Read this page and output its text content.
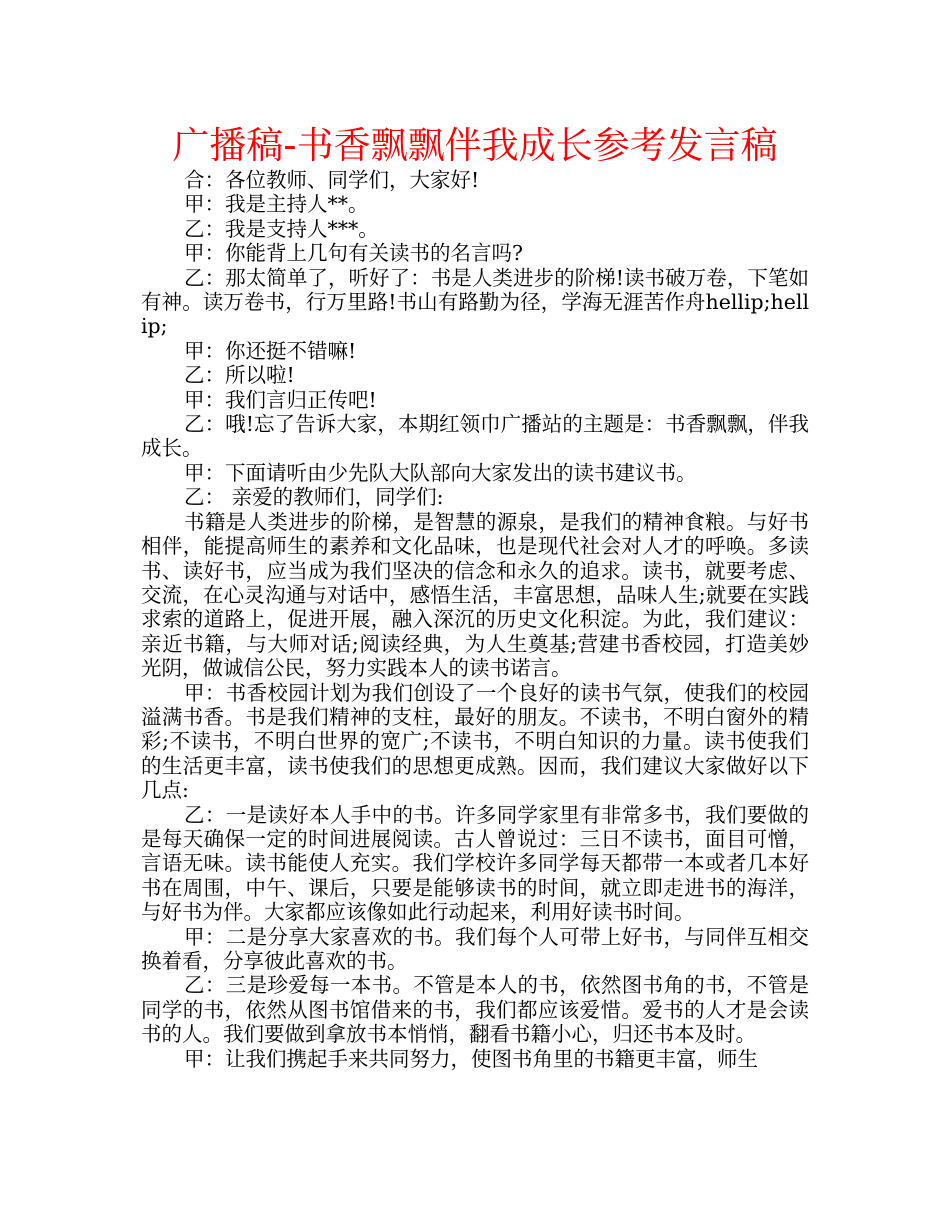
广播稿-书香飘飘伴我成长参考发言稿

合：各位教师、同学们，大家好!

甲：我是主持人**。

乙：我是支持人***。

甲：你能背上几句有关读书的名言吗?

乙：那太简单了，听好了：书是人类进步的阶梯!读书破万卷，下笔如有神。读万卷书，行万里路!书山有路勤为径，学海无涯苦作舟hellip;hellip;

甲：你还挺不错嘛!

乙：所以啦!

甲：我们言归正传吧!

乙：哦!忘了告诉大家，本期红领巾广播站的主题是：书香飘飘，伴我成长。

甲：下面请听由少先队大队部向大家发出的读书建议书。

乙： 亲爱的教师们，同学们:

书籍是人类进步的阶梯，是智慧的源泉，是我们的精神食粮。与好书相伴，能提高师生的素养和文化品味，也是现代社会对人才的呼唤。多读书、读好书，应当成为我们坚决的信念和永久的追求。读书，就要考虑、交流，在心灵沟通与对话中，感悟生活，丰富思想，品味人生;就要在实践求索的道路上，促进开展，融入深沉的历史文化积淀。为此，我们建议：亲近书籍，与大师对话;阅读经典，为人生奠基;营建书香校园，打造美妙光阴，做诚信公民，努力实践本人的读书诺言。

甲：书香校园计划为我们创设了一个良好的读书气氛，使我们的校园溢满书香。书是我们精神的支柱，最好的朋友。不读书，不明白窗外的精彩;不读书，不明白世界的宽广;不读书，不明白知识的力量。读书使我们的生活更丰富，读书使我们的思想更成熟。因而，我们建议大家做好以下几点:

乙：一是读好本人手中的书。许多同学家里有非常多书，我们要做的是每天确保一定的时间进展阅读。古人曾说过：三日不读书，面目可憎，言语无味。读书能使人充实。我们学校许多同学每天都带一本或者几本好书在周围，中午、课后，只要是能够读书的时间，就立即走进书的海洋，与好书为伴。大家都应该像如此行动起来，利用好读书时间。

甲：二是分享大家喜欢的书。我们每个人可带上好书，与同伴互相交换着看，分享彼此喜欢的书。

乙：三是珍爱每一本书。不管是本人的书，依然图书角的书，不管是同学的书，依然从图书馆借来的书，我们都应该爱惜。爱书的人才是会读书的人。我们要做到拿放书本悄悄，翻看书籍小心，归还书本及时。

甲：让我们携起手来共同努力，使图书角里的书籍更丰富，师生
